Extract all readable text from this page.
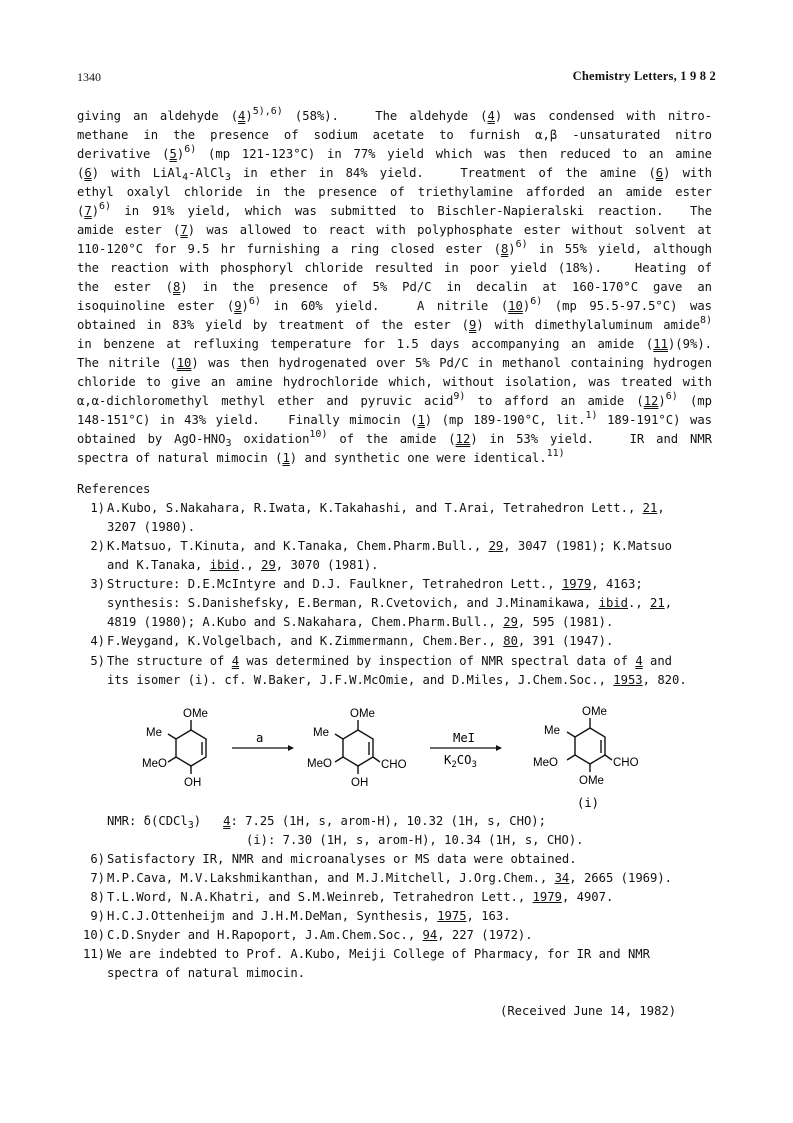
1340	Chemistry Letters, 1 9 8 2
giving an aldehyde $(4)^{5),6)}$ (58%).   The aldehyde (4) was condensed with nitro-
methane in the presence of sodium acetate to furnish α,β -unsaturated nitro
derivative $(5)^{6)}$ (mp 121-123°C) in 77% yield which was then reduced to an amine
(6) with LiAl$_4$-AlCl$_3$ in ether in 84% yield.   Treatment of the amine (6) with
ethyl oxalyl chloride in the presence of triethylamine afforded an amide ester
$(7)^{6)}$ in 91% yield, which was submitted to Bischler-Napieralski reaction.  The
amide ester (7) was allowed to react with polyphosphate ester without solvent at
110-120°C for 9.5 hr furnishing a ring closed ester $(8)^{6)}$ in 55% yield, although
the reaction with phosphoryl chloride resulted in poor yield (18%).   Heating of
the ester (8) in the presence of 5% Pd/C in decalin at 160-170°C gave an
isoquinoline ester $(9)^{6)}$ in 60% yield.   A nitrile $(10)^{6)}$ (mp 95.5-97.5°C) was
obtained in 83% yield by treatment of the ester (9) with dimethylaluminum amide$^{8)}$
in benzene at refluxing temperature for 1.5 days accompanying an amide (11)(9%).
The nitrile (10) was then hydrogenated over 5% Pd/C in methanol containing hydrogen
chloride to give an amine hydrochloride which, without isolation, was treated with
α,α-dichloromethyl methyl ether and pyruvic acid$^{9)}$ to afford an amide $(12)^{6)}$ (mp
148-151°C) in 43% yield.   Finally mimocin (1) (mp 189-190°C, lit.$^{1)}$ 189-191°C) was
obtained by AgO-$HNO_3$ oxidation$^{10)}$ of the amide (12) in 53% yield.   IR and NMR
spectra of natural mimocin (1) and synthetic one were identical.$^{11)}$
References
1) A.Kubo, S.Nakahara, R.Iwata, K.Takahashi, and T.Arai, Tetrahedron Lett., 21,
3207 (1980).
2) K.Matsuo, T.Kinuta, and K.Tanaka, Chem.Pharm.Bull., 29, 3047 (1981); K.Matsuo
and K.Tanaka, ibid., 29, 3070 (1981).
3) Structure: D.E.McIntyre and D.J. Faulkner, Tetrahedron Lett., 1979, 4163;
synthesis: S.Danishefsky, E.Berman, R.Cvetovich, and J.Minamikawa, ibid., 21,
4819 (1980); A.Kubo and S.Nakahara, Chem.Pharm.Bull., 29, 595 (1981).
4) F.Weygand, K.Volgelbach, and K.Zimmermann, Chem.Ber., 80, 391 (1947).
5) The structure of 4 was determined by inspection of NMR spectral data of 4 and
its isomer (i). cf. W.Baker, J.F.W.McOmie, and D.Miles, J.Chem.Soc., 1953, 820.
OMe
Me
MeO
OH
a
OMe
Me
MeO
OH
CHO
MeI
$K_2CO_3$
OMe
Me
MeO
OMe
CHO
(i)
NMR: δ(CDCl$_3$) 4: 7.25 (1H, s, arom-H), 10.32 (1H, s, CHO);
(i): 7.30 (1H, s, arom-H), 10.34 (1H, s, CHO).
6) Satisfactory IR, NMR and microanalyses or MS data were obtained.
7) M.P.Cava, M.V.Lakshmikanthan, and M.J.Mitchell, J.Org.Chem., 34, 2665 (1969).
8) T.L.Word, N.A.Khatri, and S.M.Weinreb, Tetrahedron Lett., 1979, 4907.
9) H.C.J.Ottenheijm and J.H.M.DeMan, Synthesis, 1975, 163.
10) C.D.Snyder and H.Rapoport, J.Am.Chem.Soc., 94, 227 (1972).
11) We are indebted to Prof. A.Kubo, Meiji College of Pharmacy, for IR and NMR
spectra of natural mimocin.
(Received June 14, 1982)
